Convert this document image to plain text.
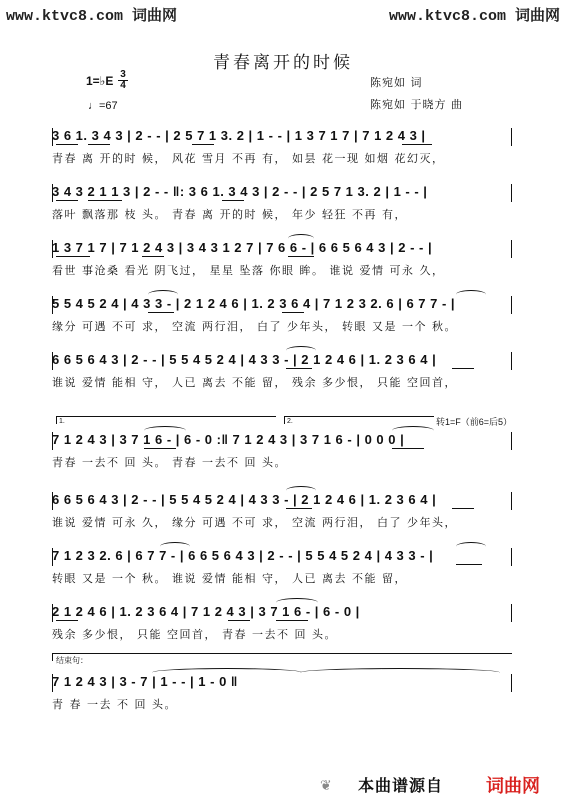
www.ktvc8.com 词曲网	www.ktvc8.com 词曲网
青春离开的时候
1=♭E 3
4
♩=67
陈宛如 词
陈宛如 于晓方 曲
3 6 1. 3 4 3 | 2 - - | 2 5 7 1 3. 2 | 1 - - | 1 3 7 1 7 | 7 1 2 4 3 |
青春 离 开的时 候， 风花 雪月 不再 有， 如昙 花一现 如烟 花幻灭，
3 4 3 2 1 1 3 | 2 - - ‖: 3 6 1. 3 4 3 | 2 - - | 2 5 7 1 3. 2 | 1 - - |
落叶 飘落那 枝 头。 青春 离 开的时 候， 年少 轻狂 不再 有，
1 3 7 1 7 | 7 1 2 4 3 | 3 4 3 1 2 7 | 7 6 6 - | 6 6 5 6 4 3 | 2 - - |
看世 事沧桑 看光 阴飞过， 星星 坠落 你眼 眸。 谁说 爱情 可永 久，
5 5 4 5 2 4 | 4 3 3 - | 2 1 2 4 6 | 1. 2 3 6 4 | 7 1 2 3 2. 6 | 6 7 7 - |
缘分 可遇 不可 求， 空流 两行泪， 白了 少年头， 转眼 又是 一个 秋。
6 6 5 6 4 3 | 2 - - | 5 5 4 5 2 4 | 4 3 3 - | 2 1 2 4 6 | 1. 2 3 6 4 |
谁说 爱情 能相 守， 人已 离去 不能 留， 残余 多少恨， 只能 空回首，
1.	2.	转1=F（前6=后5）
7 1 2 4 3 | 3 7 1 6 - | 6 - 0 :‖ 7 1 2 4 3 | 3 7 1 6 - | 0 0 0 |
青春 一去不 回 头。 青春 一去不 回 头。
6 6 5 6 4 3 | 2 - - | 5 5 4 5 2 4 | 4 3 3 - | 2 1 2 4 6 | 1. 2 3 6 4 |
谁说 爱情 可永 久， 缘分 可遇 不可 求， 空流 两行泪， 白了 少年头，
7 1 2 3 2. 6 | 6 7 7 - | 6 6 5 6 4 3 | 2 - - | 5 5 4 5 2 4 | 4 3 3 - |
转眼 又是 一个 秋。 谁说 爱情 能相 守， 人已 离去 不能 留，
2 1 2 4 6 | 1. 2 3 6 4 | 7 1 2 4 3 | 3 7 1 6 - | 6 - 0 |
残余 多少恨， 只能 空回首， 青春 一去不 回 头。
结束句：
7 1 2 4 3 | 3 - 7 | 1 - - | 1 - 0 ‖
青 春 一去 不 回 头。
❦ 本曲谱源自 词曲网
